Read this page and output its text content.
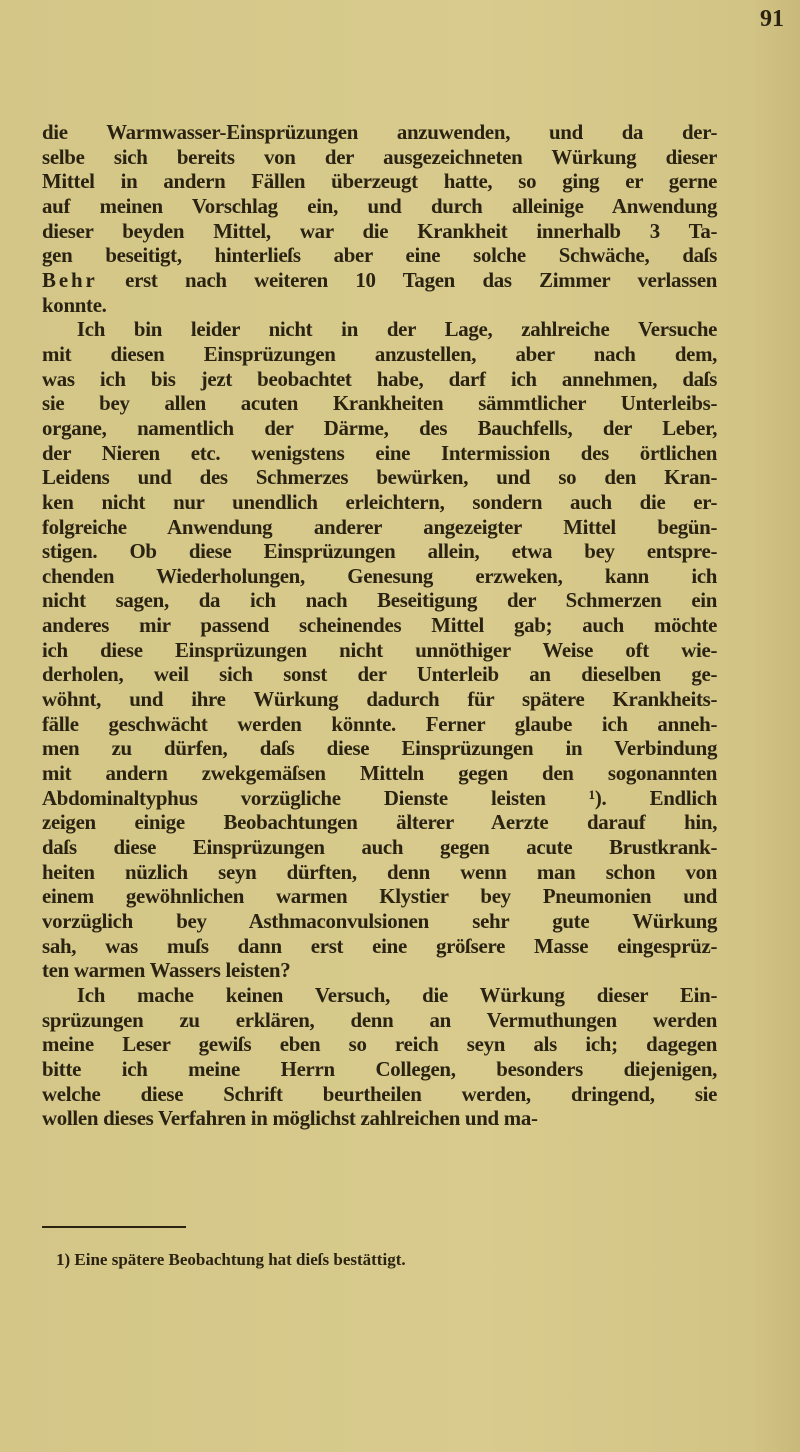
91
die Warmwasser-Einsprüzungen anzuwenden, und da der-
selbe sich bereits von der ausgezeichneten Würkung dieser
Mittel in andern Fällen überzeugt hatte, so ging er gerne
auf meinen Vorschlag ein, und durch alleinige Anwendung
dieser beyden Mittel, war die Krankheit innerhalb 3 Ta-
gen beseitigt, hinterlieſs aber eine solche Schwäche, daſs
Behr erst nach weiteren 10 Tagen das Zimmer verlassen
konnte.
Ich bin leider nicht in der Lage, zahlreiche Versuche
mit diesen Einsprüzungen anzustellen, aber nach dem,
was ich bis jezt beobachtet habe, darf ich annehmen, daſs
sie bey allen acuten Krankheiten sämmtlicher Unterleibs-
organe, namentlich der Därme, des Bauchfells, der Leber,
der Nieren etc. wenigstens eine Intermission des örtlichen
Leidens und des Schmerzes bewürken, und so den Kran-
ken nicht nur unendlich erleichtern, sondern auch die er-
folgreiche Anwendung anderer angezeigter Mittel begün-
stigen. Ob diese Einsprüzungen allein, etwa bey entspre-
chenden Wiederholungen, Genesung erzweken, kann ich
nicht sagen, da ich nach Beseitigung der Schmerzen ein
anderes mir passend scheinendes Mittel gab; auch möchte
ich diese Einsprüzungen nicht unnöthiger Weise oft wie-
derholen, weil sich sonst der Unterleib an dieselben ge-
wöhnt, und ihre Würkung dadurch für spätere Krankheits-
fälle geschwächt werden könnte. Ferner glaube ich anneh-
men zu dürfen, daſs diese Einsprüzungen in Verbindung
mit andern zwekgemäſsen Mitteln gegen den sogonannten
Abdominaltyphus vorzügliche Dienste leisten ¹). Endlich
zeigen einige Beobachtungen älterer Aerzte darauf hin,
daſs diese Einsprüzungen auch gegen acute Brustkrank-
heiten nüzlich seyn dürften, denn wenn man schon von
einem gewöhnlichen warmen Klystier bey Pneumonien und
vorzüglich bey Asthmaconvulsionen sehr gute Würkung
sah, was muſs dann erst eine gröſsere Masse eingesprüz-
ten warmen Wassers leisten?
Ich mache keinen Versuch, die Würkung dieser Ein-
sprüzungen zu erklären, denn an Vermuthungen werden
meine Leser gewiſs eben so reich seyn als ich; dagegen
bitte ich meine Herrn Collegen, besonders diejenigen,
welche diese Schrift beurtheilen werden, dringend, sie
wollen dieses Verfahren in möglichst zahlreichen und ma-
1) Eine spätere Beobachtung hat dieſs bestättigt.
